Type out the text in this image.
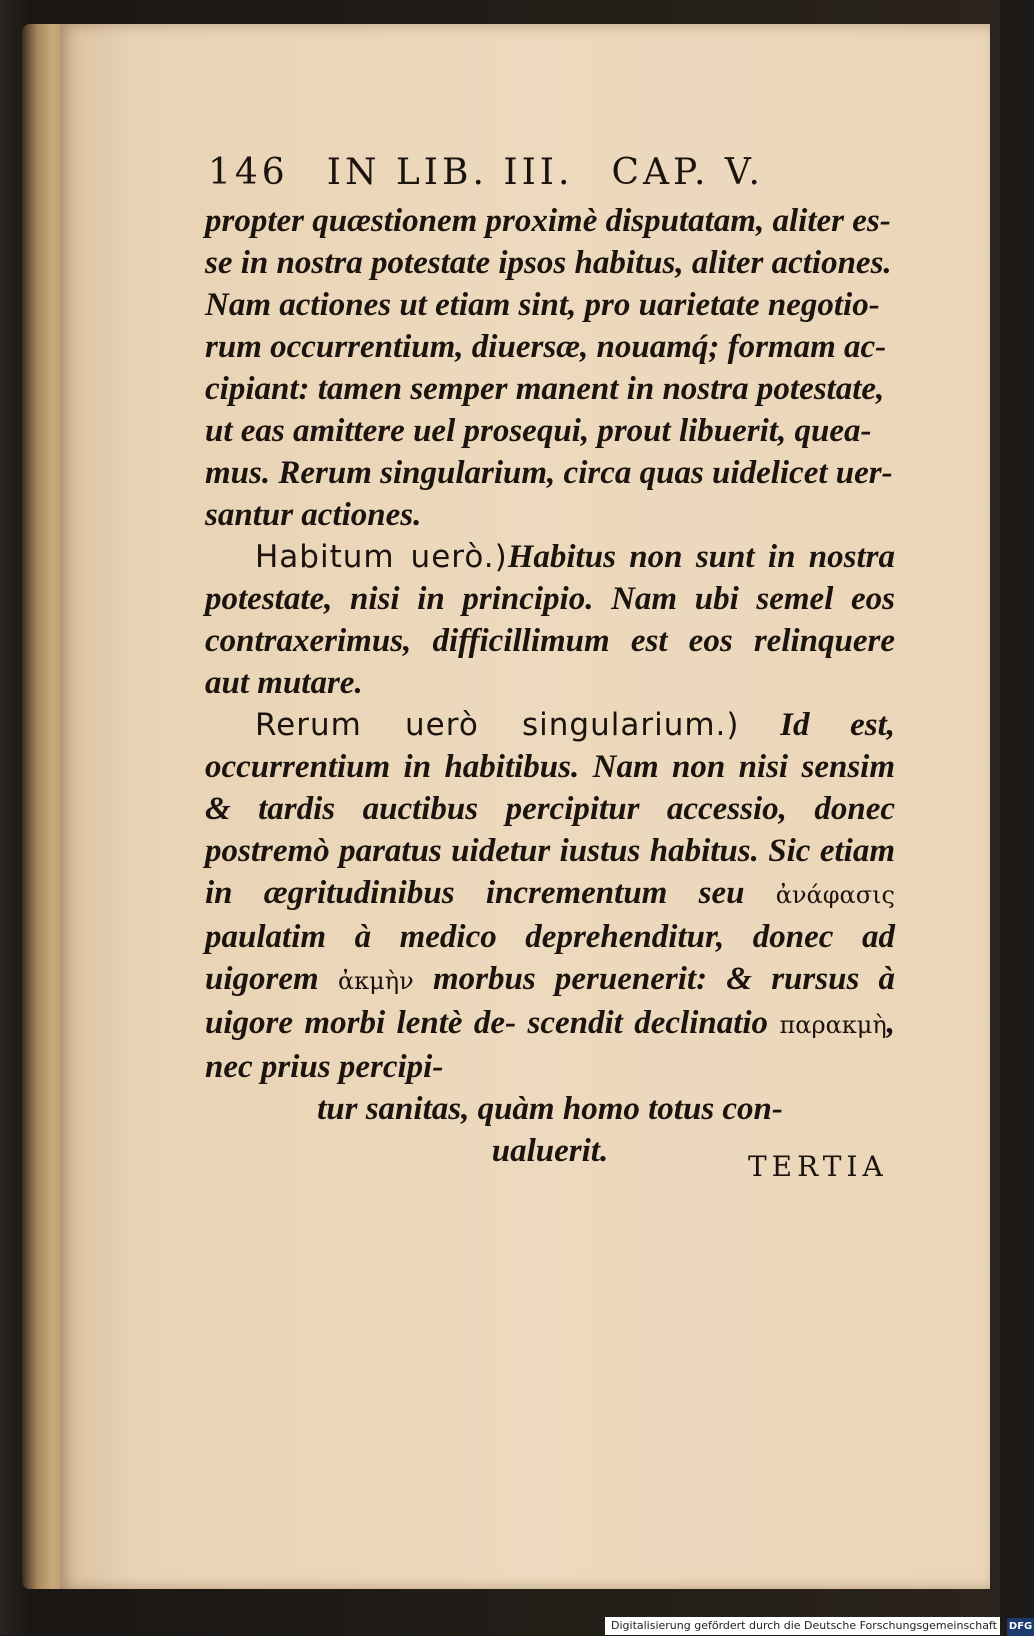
146 IN LIB. III. CAP. V.

propter quæstionem proximè disputatam, aliter es-

se in nostra potestate ipsos habitus, aliter actiones.

Nam actiones ut etiam sint, pro uarietate negotio-

rum occurrentium, diuersæ, nouamq́; formam ac-

cipiant: tamen semper manent in nostra potestate,

ut eas amittere uel prosequi, prout libuerit, quea-

mus. Rerum singularium, circa quas uidelicet uer-

santur actiones.

Habitum uerò.)Habitus non sunt in nostra potestate, nisi in principio. Nam ubi semel eos contraxerimus, difficillimum est eos relinquere aut mutare.

Rerum uerò singularium.) Id est, occurrentium in habitibus. Nam non nisi sensim & tardis auctibus percipitur accessio, donec postremò paratus uidetur iustus habitus. Sic etiam in ægritudinibus incrementum seu ἀνάφασις paulatim à medico deprehenditur, donec ad uigorem ἀκμὴν morbus peruenerit: & rursus à uigore morbi lentè de- scendit declinatio παρακμὴ, nec prius percipi-

tur sanitas, quàm homo totus con-

ualuerit.	TERTIA
Digitalisierung gefördert durch die Deutsche Forschungsgemeinschaft · DFG
